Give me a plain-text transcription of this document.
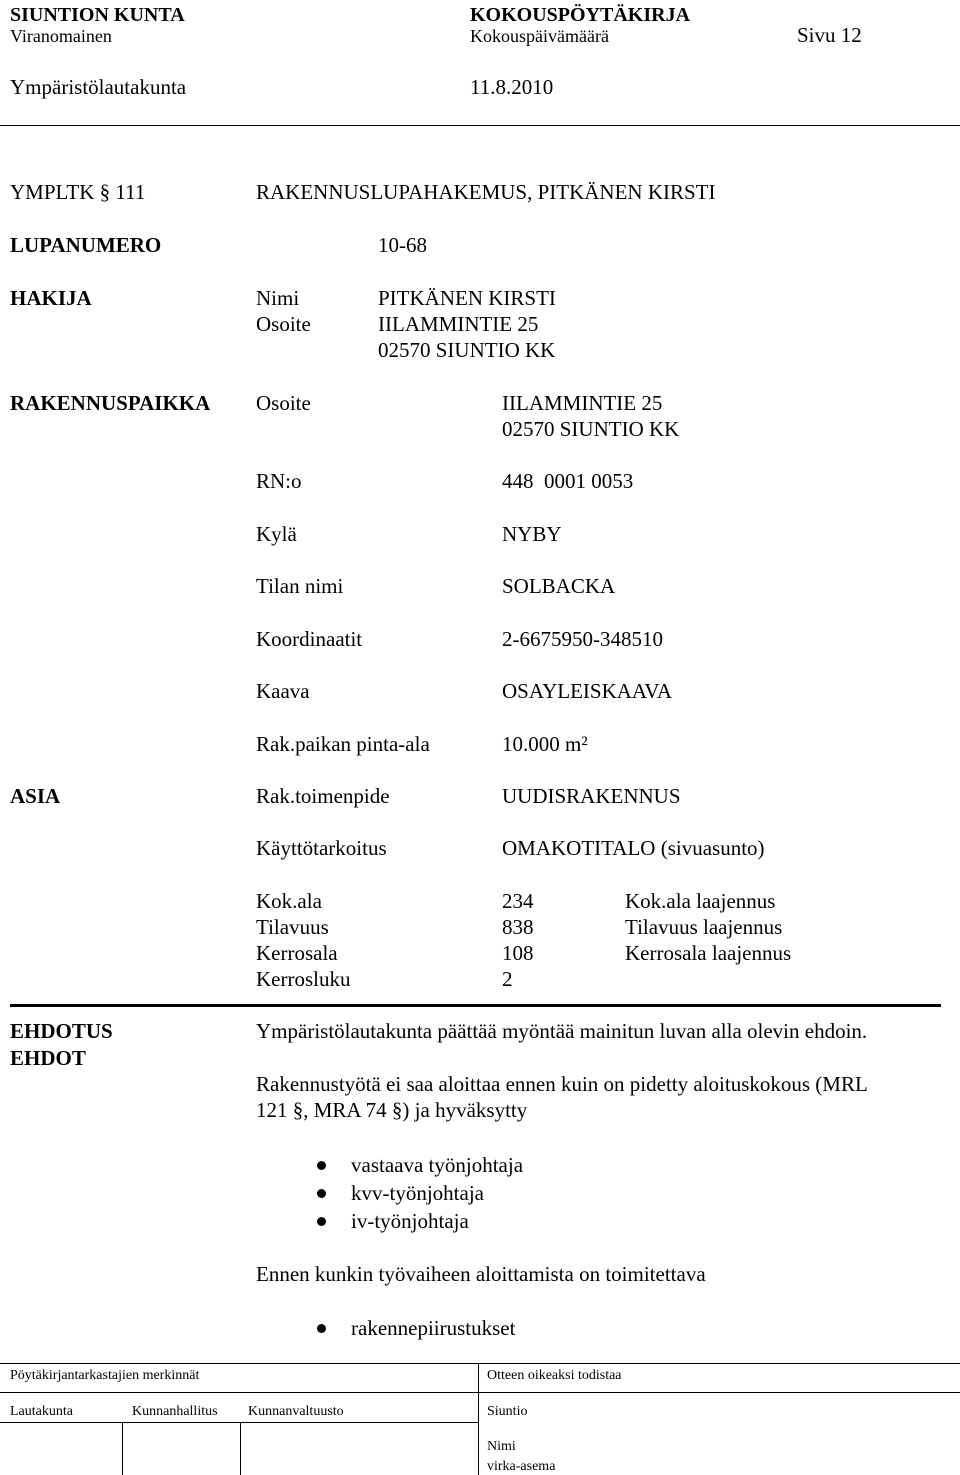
SIUNTION KUNTA	KOKOUSPÖYTÄKIRJA
Viranomainen	Kokouspäivämäärä	Sivu 12
Ympäristölautakunta	11.8.2010
YMPLTK § 111	RAKENNUSLUPAHAKEMUS, PITKÄNEN KIRSTI
LUPANUMERO	10-68
HAKIJA	Nimi	PITKÄNEN KIRSTI
Osoite	IILAMMINTIE 25
02570 SIUNTIO KK
RAKENNUSPAIKKA Osoite	IILAMMINTIE 25
02570 SIUNTIO KK
RN:o	448  0001 0053
Kylä	NYBY
Tilan nimi	SOLBACKA
Koordinaatit	2-6675950-348510
Kaava	OSAYLEISKAAVA
Rak.paikan pinta-ala	10.000 m²
ASIA	Rak.toimenpide	UUDISRAKENNUS
Käyttötarkoitus	OMAKOTITALO (sivuasunto)
Kok.ala	234	Kok.ala laajennus
Tilavuus	838	Tilavuus laajennus
Kerrosala	108	Kerrosala laajennus
Kerrosluku	2
EHDOTUS
EHDOT
Ympäristölautakunta päättää myöntää mainitun luvan alla olevin ehdoin.
Rakennustyötä ei saa aloittaa ennen kuin on pidetty aloituskokous (MRL
121 §, MRA 74 §) ja hyväksytty
vastaava työnjohtaja
kvv-työnjohtaja
iv-työnjohtaja
Ennen kunkin työvaiheen aloittamista on toimitettava
rakennepiirustukset
Pöytäkirjantarkastajien merkinnät	Otteen oikeaksi todistaa
Lautakunta	Kunnanhallitus Kunnanvaltuusto	Siuntio
Nimi
virka-asema
